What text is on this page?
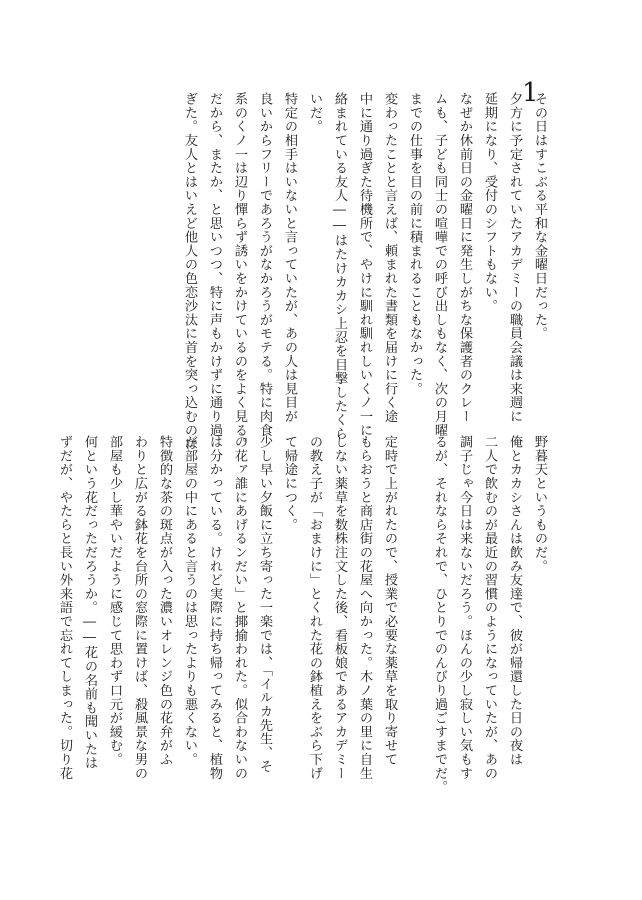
1
その日はすこぶる平和な金曜日だった。
夕方に予定されていたアカデミーの職員会議は来週に
延期になり、受付のシフトもない。
なぜか休前日の金曜日に発生しがちな保護者のクレー
ムも、子ども同士の喧嘩での呼び出しもなく、次の月曜
までの仕事を目の前に積まれることもなかった。
変わったことと言えば、頼まれた書類を届けに行く途
中に通り過ぎた待機所で、やけに馴れ馴れしいくノ一に
絡まれている友人――はたけカカシ上忍を目撃したくら
いだ。
特定の相手はいないと言っていたが、あの人は見目が
良いからフリーであろうがなかろうがモテる。特に肉食
系のくノ一は辺り憚らず誘いをかけているのをよく見る。
だから、またか、と思いつつ、特に声もかけずに通り過
ぎた。友人とはいえど他人の色恋沙汰に首を突っ込むのは
野暮天というものだ。
俺とカカシさんは飲み友達で、彼が帰還した日の夜は
二人で飲むのが最近の習慣のようになっていたが、あの
調子じゃ今日は来ないだろう。ほんの少し寂しい気もす
るが、それならそれで、ひとりでのんびり過ごすまでだ。

定時で上がれたので、授業で必要な薬草を取り寄せて
もらおうと商店街の花屋へ向かった。木ノ葉の里に自生
しない薬草を数株注文した後、看板娘であるアカデミー
の教え子が「おまけに」とくれた花の鉢植えをぶら下げ
て帰途につく。
少し早い夕飯に立ち寄った一楽では、「イルカ先生、そ
の花ァ誰にあげるンだい」と揶揄われた。似合わないの
は分かっている。けれど実際に持ち帰ってみると、植物
が部屋の中にあると言うのは思ったよりも悪くない。
特徴的な茶の斑点が入った濃いオレンジ色の花弁がふ
わりと広がる鉢花を台所の窓際に置けば、殺風景な男の
部屋も少し華やいだように感じて思わず口元が緩む。
何という花だっただろうか。――花の名前も聞いたは
ずだが、やたらと長い外来語で忘れてしまった。切り花
